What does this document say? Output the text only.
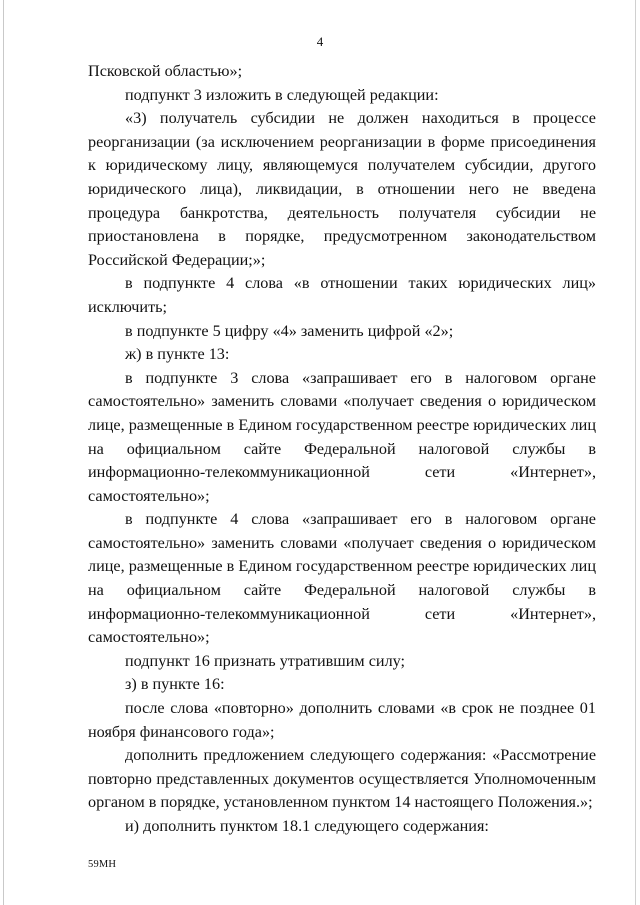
4

Псковской областью»;

подпункт 3 изложить в следующей редакции:

«3) получатель субсидии не должен находиться в процессе реорганизации (за исключением реорганизации в форме присоединения к юридическому лицу, являющемуся получателем субсидии, другого юридического лица), ликвидации, в отношении него не введена процедура банкротства, деятельность получателя субсидии не приостановлена в порядке, предусмотренном законодательством Российской Федерации;»;

в подпункте 4 слова «в отношении таких юридических лиц» исключить;

в подпункте 5 цифру «4» заменить цифрой «2»;

ж) в пункте 13:

в подпункте 3 слова «запрашивает его в налоговом органе самостоятельно» заменить словами «получает сведения о юридическом лице, размещенные в Едином государственном реестре юридических лиц на официальном сайте Федеральной налоговой службы в информационно-телекоммуникационной сети «Интернет», самостоятельно»;

в подпункте 4 слова «запрашивает его в налоговом органе самостоятельно» заменить словами «получает сведения о юридическом лице, размещенные в Едином государственном реестре юридических лиц на официальном сайте Федеральной налоговой службы в информационно-телекоммуникационной сети «Интернет», самостоятельно»;

подпункт 16 признать утратившим силу;

з) в пункте 16:

после слова «повторно» дополнить словами «в срок не позднее 01 ноября финансового года»;

дополнить предложением следующего содержания: «Рассмотрение повторно представленных документов осуществляется Уполномоченным органом в порядке, установленном пунктом 14 настоящего Положения.»;

и) дополнить пунктом 18.1 следующего содержания:

59МН
